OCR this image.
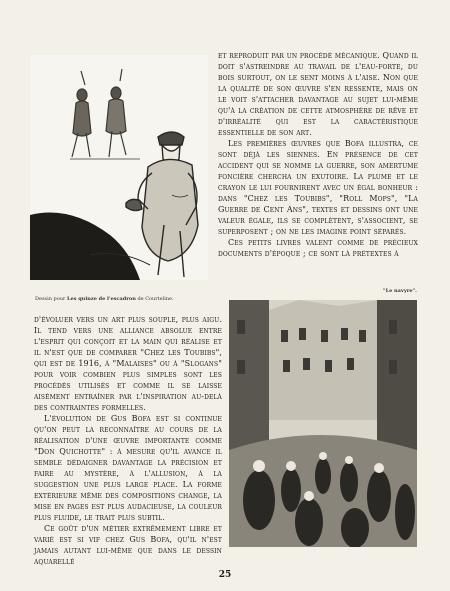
et reproduit par un procédé mécanique. Quand il doit s'astreindre au travail de l'eau-forte, du bois surtout, on le sent moins à l'aise. Non que la qualité de son œuvre s'en ressente, mais on le voit s'attacher davantage au sujet lui-même qu'à la création de cette atmosphère de rêve et d'irréalité qui est la caractéristique essentielle de son art.

Les premières œuvres que Bofa illustra, ce sont déjà les siennes. En présence de cet accident qui se nomme la guerre, son amertume foncière chercha un exutoire. La plume et le crayon le lui fournirent avec un égal bonheur : dans "Chez les Toubibs", "Roll Mops", "La Guerre de Cent Ans", textes et dessins ont une valeur égale, ils se complètent, s'associent, se superposent ; on ne les imagine point séparés.

Ces petits livres valent comme de précieux documents d'époque ; ce sont là prétextes à

Dessin pour Les quinze de l'escadron de Courteline.
"Le navyre".

d'évoluer vers un art plus souple, plus aigu. Il tend vers une alliance absolue entre l'esprit qui conçoit et la main qui réalise et il n'est que de comparer "Chez les Toubibs", qui est de 1916, à "Malaises" ou à "Slogans" pour voir combien plus simples sont les procédés utilisés et comme il se laisse aisément entraîner par l'inspiration au-delà des contraintes formelles.

L'évolution de Gus Bofa est si continue qu'on peut la reconnaître au cours de la réalisation d'une œuvre importante comme "Don Quichotte" : à mesure qu'il avance il semble dédaigner davantage la précision et faire au mystère, à l'allusion, à la suggestion une plus large place. La forme extérieure même des compositions change, la mise en pages est plus audacieuse, la couleur plus fluide, le trait plus subtil.

Ce goût d'un métier extrêmement libre et varié est si vif chez Gus Bofa, qu'il n'est jamais autant lui-même que dans le dessin aquarellé

25
